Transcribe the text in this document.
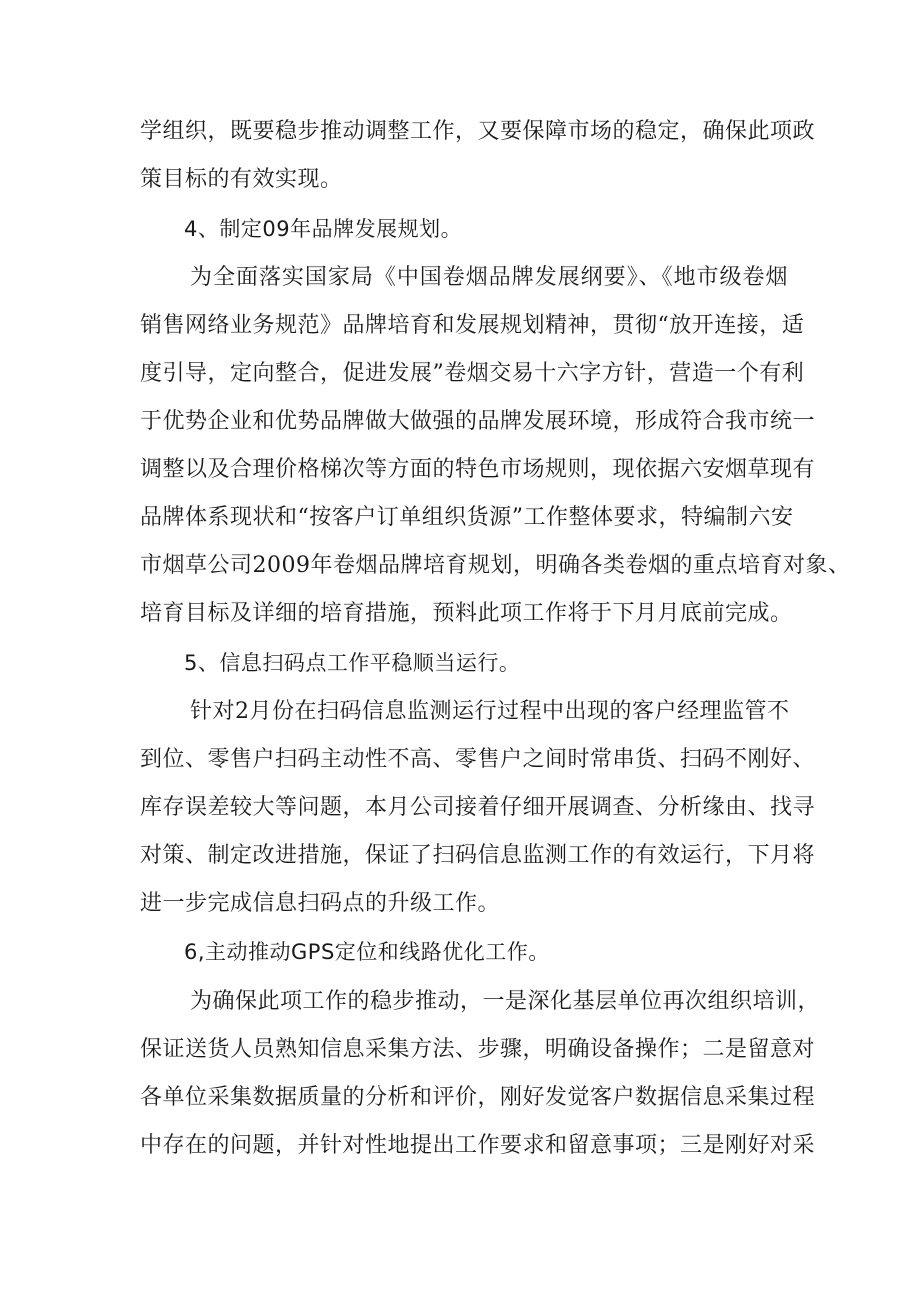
学组织，既要稳步推动调整工作，又要保障市场的稳定，确保此项政
策目标的有效实现。
4、制定09年品牌发展规划。
为全面落实国家局《中国卷烟品牌发展纲要》、《地市级卷烟
销售网络业务规范》品牌培育和发展规划精神，贯彻“放开连接，适
度引导，定向整合，促进发展”卷烟交易十六字方针，营造一个有利
于优势企业和优势品牌做大做强的品牌发展环境，形成符合我市统一
调整以及合理价格梯次等方面的特色市场规则，现依据六安烟草现有
品牌体系现状和“按客户订单组织货源”工作整体要求，特编制六安
市烟草公司2009年卷烟品牌培育规划，明确各类卷烟的重点培育对象、
培育目标及详细的培育措施，预料此项工作将于下月月底前完成。
5、信息扫码点工作平稳顺当运行。
针对2月份在扫码信息监测运行过程中出现的客户经理监管不
到位、零售户扫码主动性不高、零售户之间时常串货、扫码不刚好、
库存误差较大等问题，本月公司接着仔细开展调查、分析缘由、找寻
对策、制定改进措施，保证了扫码信息监测工作的有效运行，下月将
进一步完成信息扫码点的升级工作。
6,主动推动GPS定位和线路优化工作。
为确保此项工作的稳步推动，一是深化基层单位再次组织培训，
保证送货人员熟知信息采集方法、步骤，明确设备操作；二是留意对
各单位采集数据质量的分析和评价，刚好发觉客户数据信息采集过程
中存在的问题，并针对性地提出工作要求和留意事项；三是刚好对采
